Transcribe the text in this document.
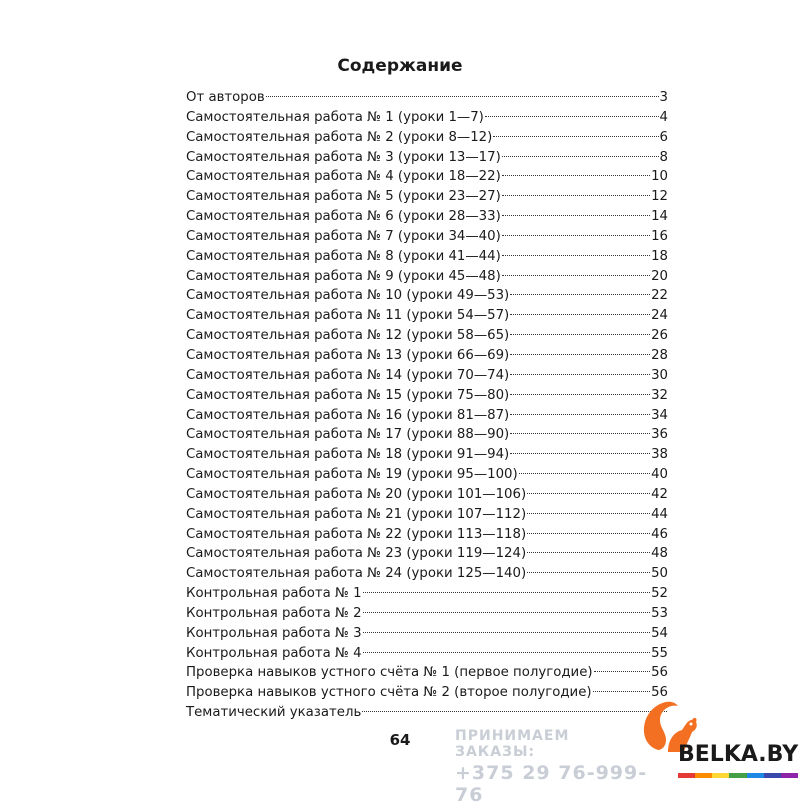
Содержание
От авторов	3
Самостоятельная работа № 1 (уроки 1—7)	4
Самостоятельная работа № 2 (уроки 8—12)	6
Самостоятельная работа № 3 (уроки 13—17)	8
Самостоятельная работа № 4 (уроки 18—22)	10
Самостоятельная работа № 5 (уроки 23—27)	12
Самостоятельная работа № 6 (уроки 28—33)	14
Самостоятельная работа № 7 (уроки 34—40)	16
Самостоятельная работа № 8 (уроки 41—44)	18
Самостоятельная работа № 9 (уроки 45—48)	20
Самостоятельная работа № 10 (уроки 49—53)	22
Самостоятельная работа № 11 (уроки 54—57)	24
Самостоятельная работа № 12 (уроки 58—65)	26
Самостоятельная работа № 13 (уроки 66—69)	28
Самостоятельная работа № 14 (уроки 70—74)	30
Самостоятельная работа № 15 (уроки 75—80)	32
Самостоятельная работа № 16 (уроки 81—87)	34
Самостоятельная работа № 17 (уроки 88—90)	36
Самостоятельная работа № 18 (уроки 91—94)	38
Самостоятельная работа № 19 (уроки 95—100)	40
Самостоятельная работа № 20 (уроки 101—106)	42
Самостоятельная работа № 21 (уроки 107—112)	44
Самостоятельная работа № 22 (уроки 113—118)	46
Самостоятельная работа № 23 (уроки 119—124)	48
Самостоятельная работа № 24 (уроки 125—140)	50
Контрольная работа № 1	52
Контрольная работа № 2	53
Контрольная работа № 3	54
Контрольная работа № 4	55
Проверка навыков устного счёта № 1 (первое полугодие)	56
Проверка навыков устного счёта № 2 (второе полугодие)	56
Тематический указатель
64	ПРИНИМАЕМ ЗАКАЗЫ:
+375 29 76-999-76
BELKA.BY
